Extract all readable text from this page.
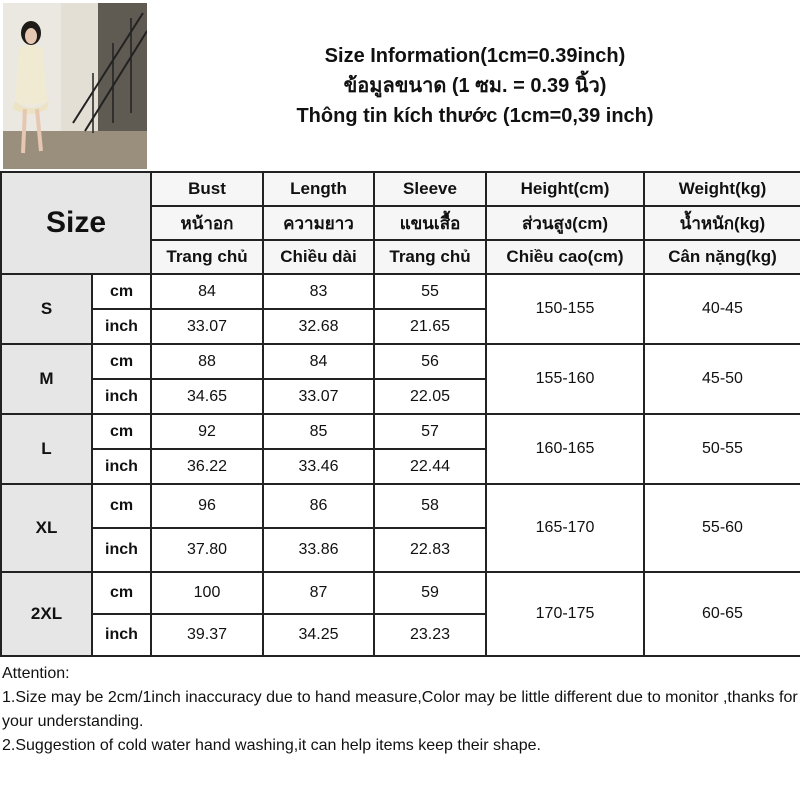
Size Information(1cm=0.39inch)
ข้อมูลขนาด (1 ซม. = 0.39 นิ้ว)
Thông tin kích thước (1cm=0,39 inch)
Size		Bust	Length	Sleeve	Height(cm)	Weight(kg)
		หน้าอก	ความยาว	แขนเสื้อ	ส่วนสูง(cm)	น้ำหนัก(kg)
		Trang chủ	Chiều dài	Trang chủ	Chiều cao(cm)	Cân nặng(kg)
S	cm	84	83	55	150-155	40-45
	inch	33.07	32.68	21.65		
M	cm	88	84	56	155-160	45-50
	inch	34.65	33.07	22.05		
L	cm	92	85	57	160-165	50-55
	inch	36.22	33.46	22.44		
XL	cm	96	86	58	165-170	55-60
	inch	37.80	33.86	22.83		
2XL	cm	100	87	59	170-175	60-65
	inch	39.37	34.25	23.23		
Attention:
1.Size may be 2cm/1inch inaccuracy due to hand measure,Color may be little different due to monitor ,thanks for your understanding.
2.Suggestion of cold water hand washing,it can help items keep their shape.
